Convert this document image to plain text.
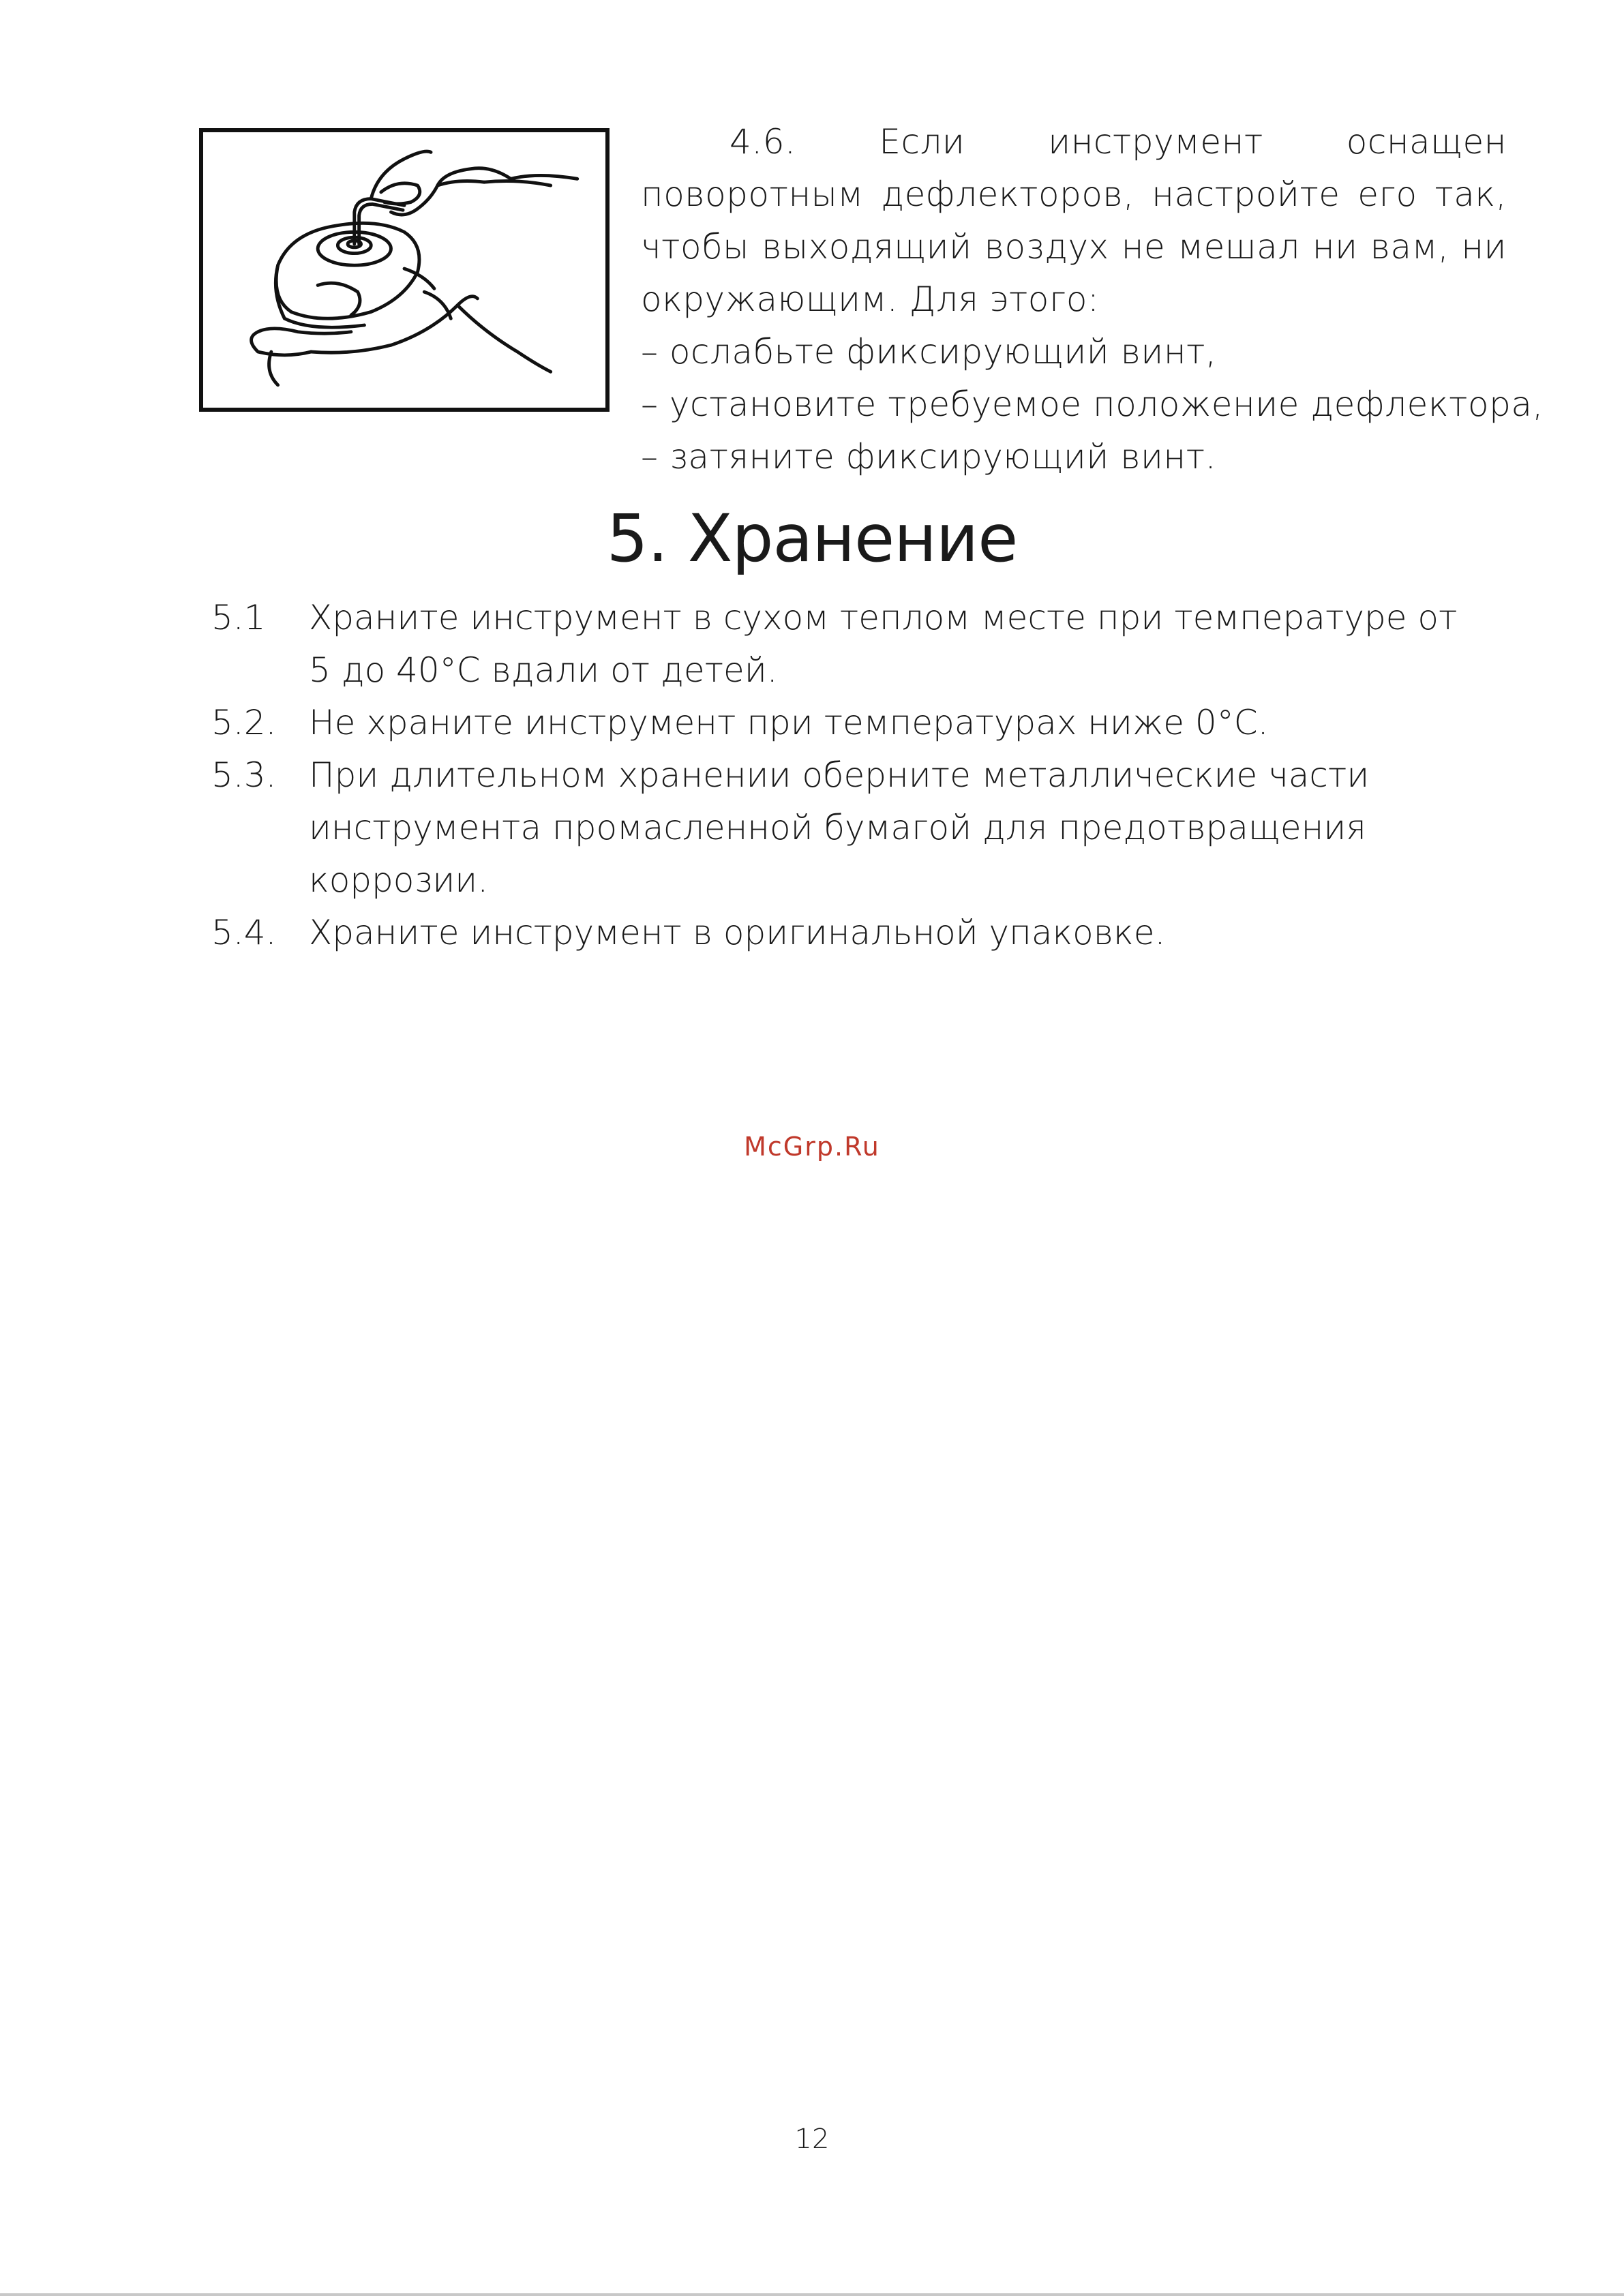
4.6. Если инструмент оснащен поворотным дефлекторов, настройте его так, чтобы выходящий воздух не мешал ни вам, ни окружающим. Для этого:

– ослабьте фиксирующий винт,

– установите требуемое положение дефлектора,

– затяните фиксирующий винт.

5. Хранение
5.1	Храните инструмент в сухом теплом месте при температуре от 5 до 40°С вдали от детей.
5.2. Не храните инструмент при температурах ниже 0°С.
5.3. При длительном хранении оберните металлические части инструмента промасленной бумагой для предотвращения коррозии.
5.4. Храните инструмент в оригинальной упаковке.
McGrp.Ru
12
